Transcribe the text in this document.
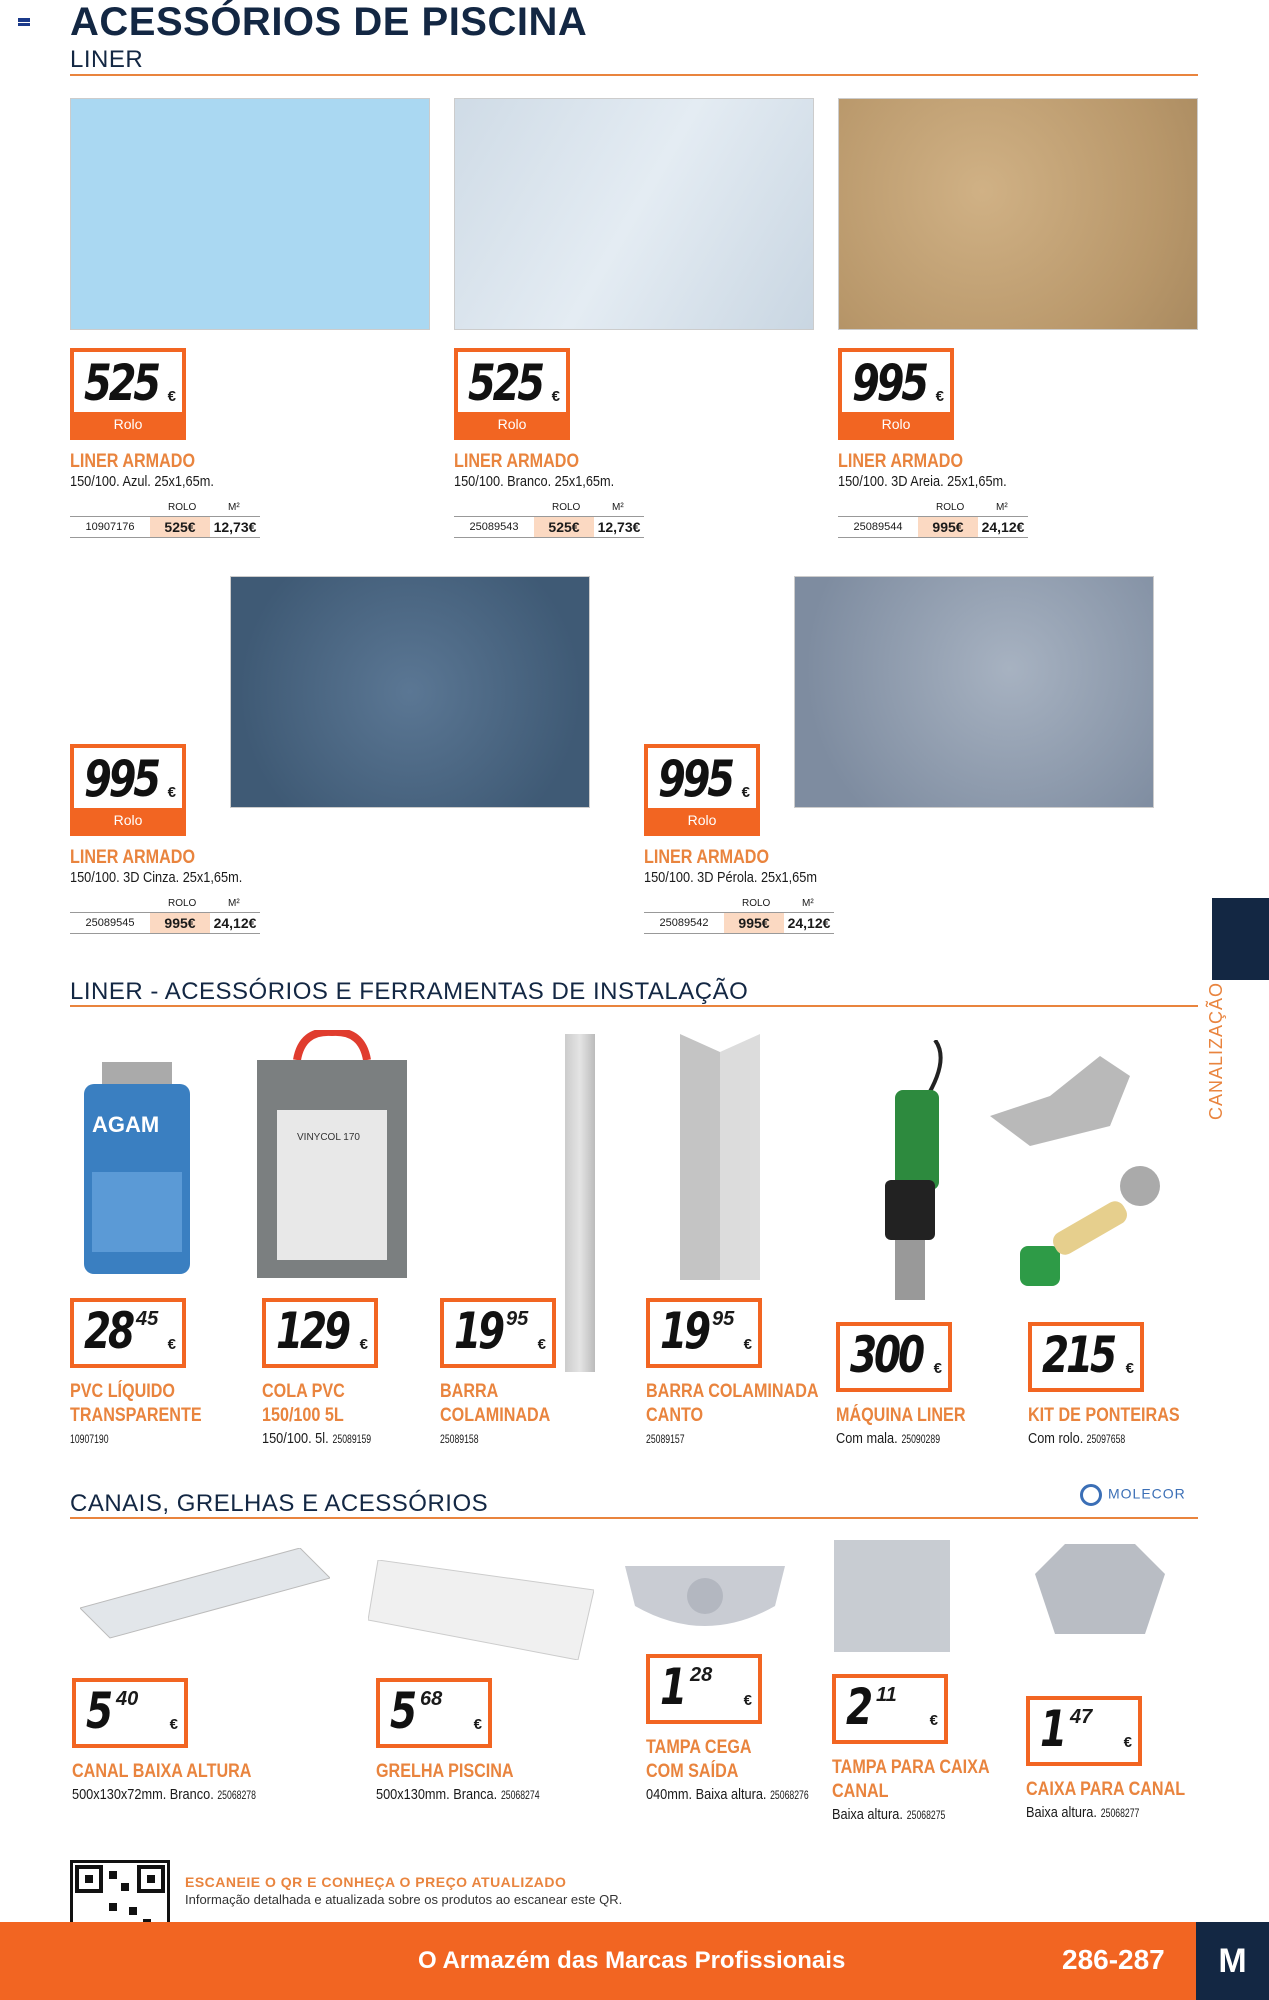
ACESSÓRIOS DE PISCINA
LINER
525 €
Rolo
LINER ARMADO
150/100. Azul. 25x1,65m.
ROLO	M²
10907176	525€	12,73€
525 €
Rolo
LINER ARMADO
150/100. Branco. 25x1,65m.
ROLO	M²
25089543	525€	12,73€
995 €
Rolo
LINER ARMADO
150/100. 3D Areia. 25x1,65m.
ROLO	M²
25089544	995€	24,12€
995 €
Rolo
LINER ARMADO
150/100. 3D Cinza. 25x1,65m.
ROLO	M²
25089545	995€	24,12€
995 €
Rolo
LINER ARMADO
150/100. 3D Pérola. 25x1,65m
ROLO	M²
25089542	995€	24,12€
LINER - ACESSÓRIOS E FERRAMENTAS DE INSTALAÇÃO
AGAM
VINYCOL 170
28 45
€
PVC LÍQUIDO
TRANSPARENTE
10907190
129 €
COLA PVC
150/100 5L
150/100. 5l. 25089159
19 95
€
BARRA
COLAMINADA
25089158
19 95
€
BARRA COLAMINADA
CANTO
25089157
300 €
MÁQUINA LINER
Com mala. 25090289
215 €
KIT DE PONTEIRAS
Com rolo. 25097658
CANAIS, GRELHAS E ACESSÓRIOS	MOLECOR
5 40
€
CANAL BAIXA ALTURA
500x130x72mm. Branco. 25068278
5 68
€
GRELHA PISCINA
500x130mm. Branca. 25068274
1 28
€
TAMPA CEGA
COM SAÍDA
040mm. Baixa altura. 25068276
2 11
€
TAMPA PARA CAIXA
CANAL
Baixa altura. 25068275
1 47
€
CAIXA PARA CANAL
Baixa altura. 25068277
CANALIZAÇÃO
ESCANEIE O QR E CONHEÇA O PREÇO ATUALIZADO
Informação detalhada e atualizada sobre os produtos ao escanear este QR.
O Armazém das Marcas Profissionais	286-287	M
